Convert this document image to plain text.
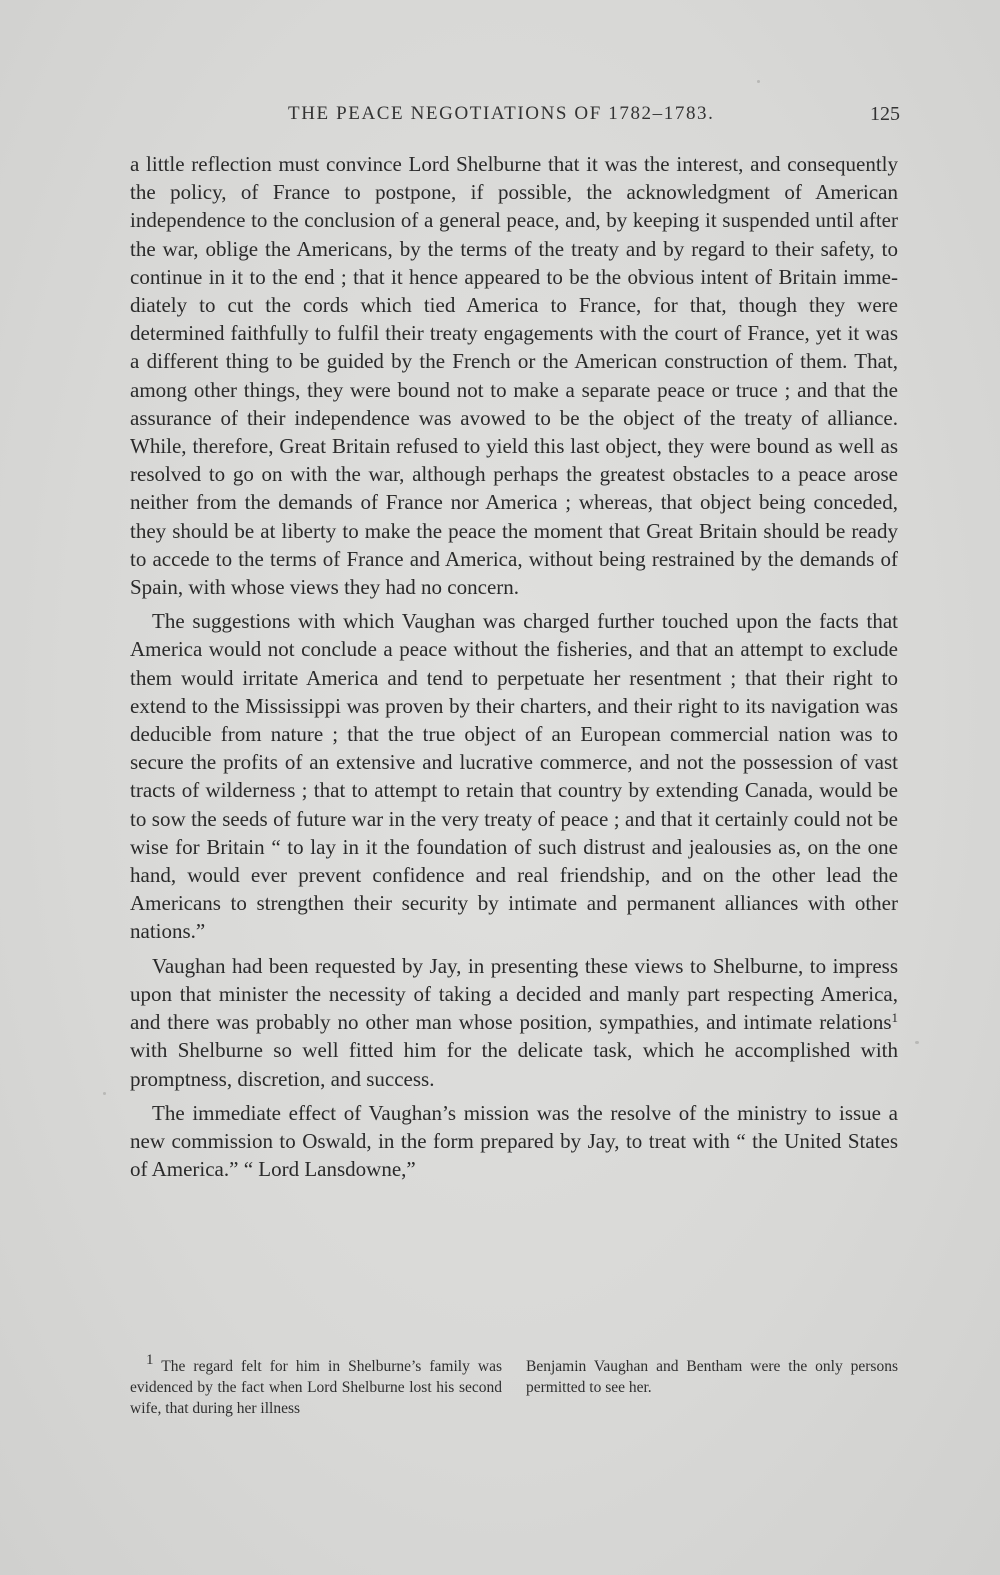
THE PEACE NEGOTIATIONS OF 1782–1783.	125

a little reflection must convince Lord Shelburne that it was the interest, and consequently the policy, of France to postpone, if possible, the acknowledgment of American independence to the conclusion of a general peace, and, by keeping it suspended until after the war, oblige the Americans, by the terms of the treaty and by regard to their safety, to continue in it to the end ; that it hence appeared to be the obvious intent of Britain immediately to cut the cords which tied America to France, for that, though they were determined faithfully to fulfil their treaty engagements with the court of France, yet it was a different thing to be guided by the French or the American construction of them. That, among other things, they were bound not to make a separate peace or truce ; and that the assurance of their independence was avowed to be the object of the treaty of alliance. While, therefore, Great Britain refused to yield this last object, they were bound as well as resolved to go on with the war, although perhaps the greatest obstacles to a peace arose neither from the demands of France nor America ; whereas, that object being conceded, they should be at liberty to make the peace the moment that Great Britain should be ready to accede to the terms of France and America, without being restrained by the demands of Spain, with whose views they had no concern.

The suggestions with which Vaughan was charged further touched upon the facts that America would not conclude a peace without the fisheries, and that an attempt to exclude them would irritate America and tend to perpetuate her resentment ; that their right to extend to the Mississippi was proven by their charters, and their right to its navigation was deducible from nature ; that the true object of an European commercial nation was to secure the profits of an extensive and lucrative commerce, and not the possession of vast tracts of wilderness ; that to attempt to retain that country by extending Canada, would be to sow the seeds of future war in the very treaty of peace ; and that it certainly could not be wise for Britain “ to lay in it the foundation of such distrust and jealousies as, on the one hand, would ever prevent confidence and real friendship, and on the other lead the Americans to strengthen their security by intimate and permanent alliances with other nations.”

Vaughan had been requested by Jay, in presenting these views to Shelburne, to impress upon that minister the necessity of taking a decided and manly part respecting America, and there was probably no other man whose position, sympathies, and intimate relations$^1$ with Shelburne so well fitted him for the delicate task, which he accomplished with promptness, discretion, and success.

The immediate effect of Vaughan’s mission was the resolve of the ministry to issue a new commission to Oswald, in the form prepared by Jay, to treat with “ the United States of America.” “ Lord Lansdowne,”

$^1$ The regard felt for him in Shelburne’s family was evidenced by the fact when Lord Shelburne lost his second wife, that during her illness

Benjamin Vaughan and Bentham were the only persons permitted to see her.
